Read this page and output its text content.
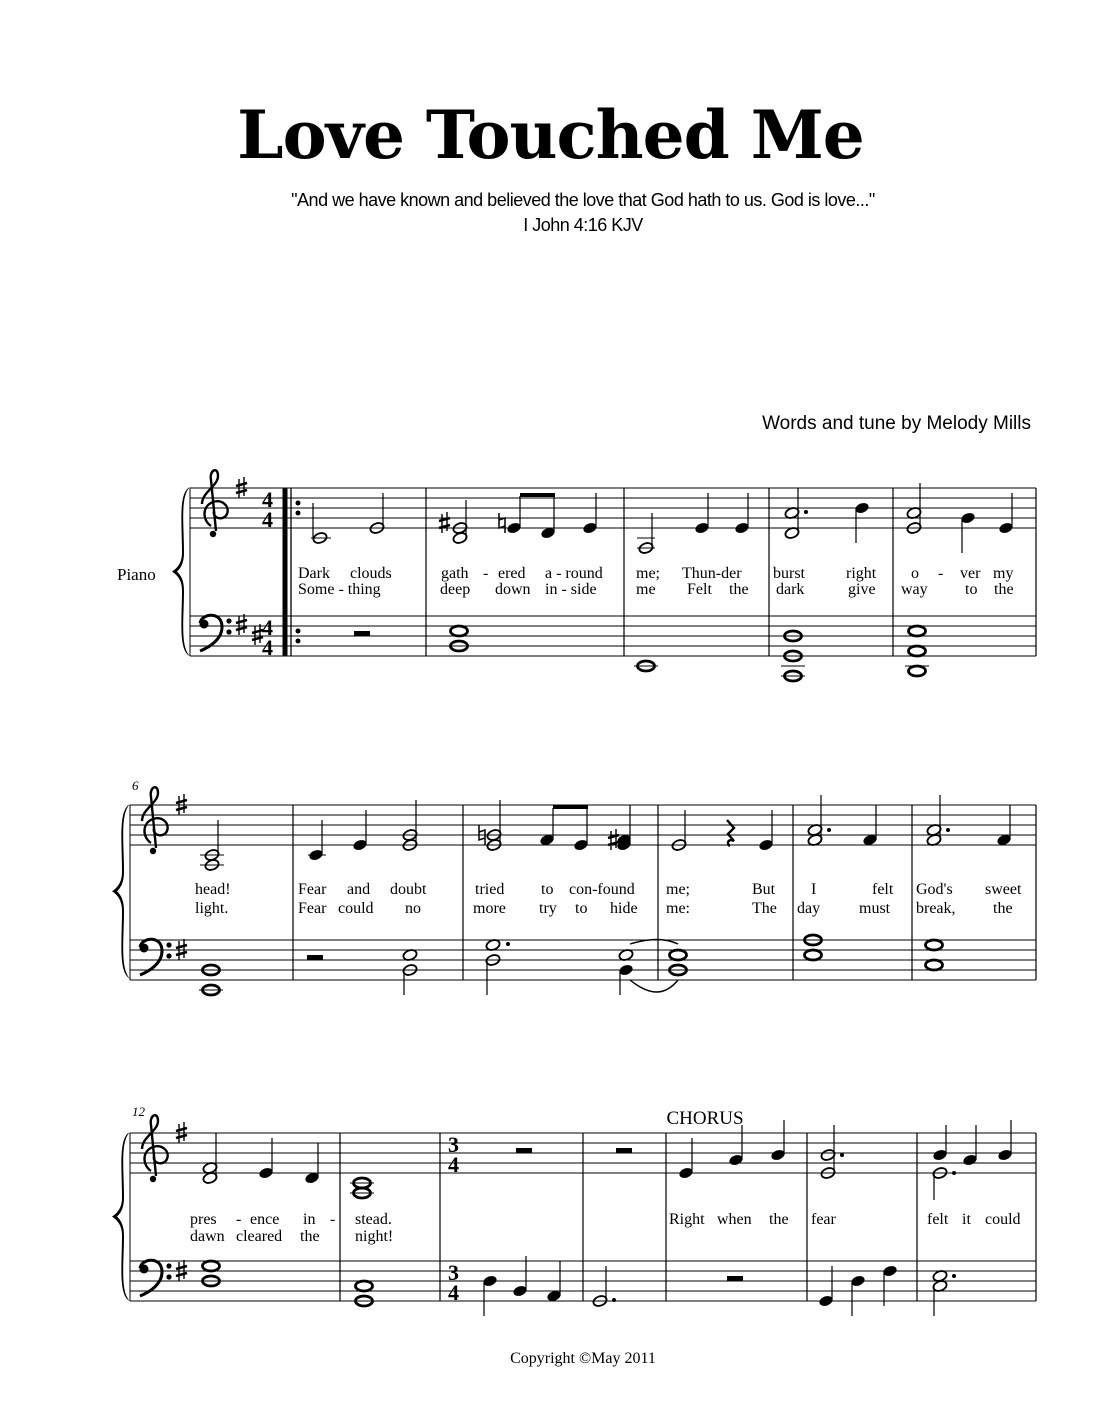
Love Touched Me
"And we have known and believed the love that God hath to us. God is love..."
I John 4:16 KJV
Words and tune by Melody Mills
Piano
4
4
4
4
Dark clouds
Some - thing
gath - ered a - round
deep down in - side
me; Thun-der
me Felt the
burst	right
dark	give
o - ver my
way to the
6
head!
light.
Fear and doubt
Fear could no
tried to con-found
more try to hide
me;	But
me:	The
I	felt
day must
God's sweet
break, the
12	CHORUS
3
4
3
4
pres - ence in -
dawn cleared the
stead.
night!
Right when the fear	felt it could
Copyright ©May 2011
